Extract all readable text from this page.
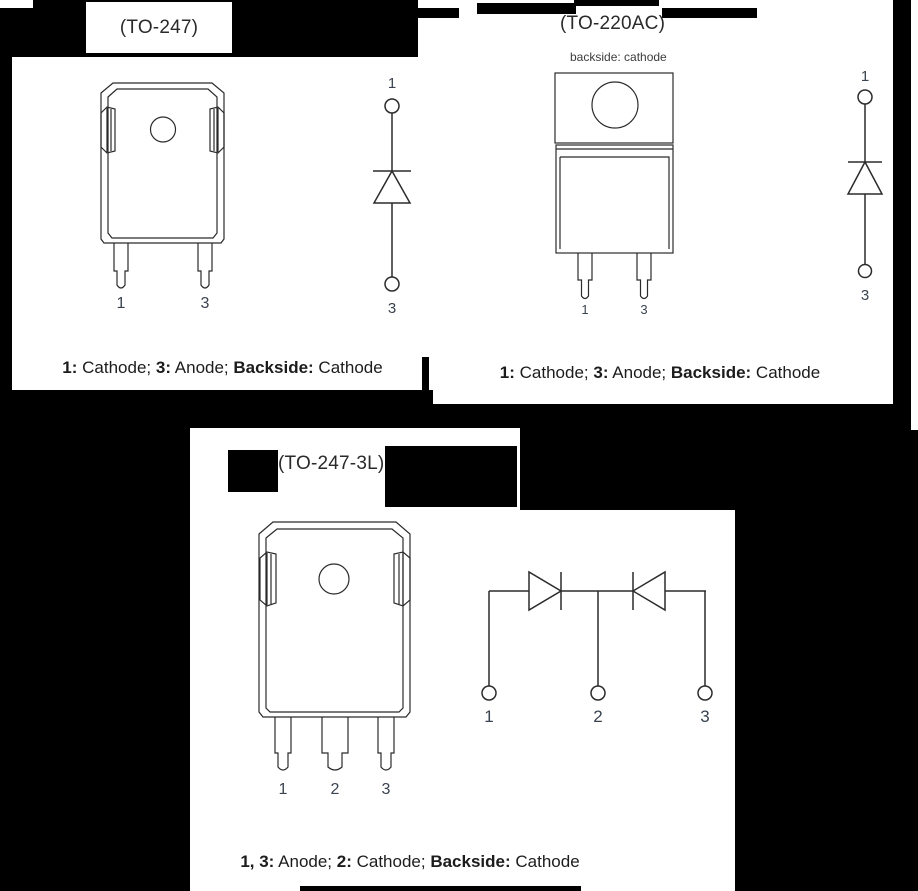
(TO-247)
1: Cathode; 3: Anode; Backside: Cathode
1	3
1
3
(TO-220AC)
backside: cathode
1	3
1
3
1: Cathode; 3: Anode; Backside: Cathode
(TO-247-3L)
1	2	3
1	2	3
1, 3: Anode; 2: Cathode; Backside: Cathode
